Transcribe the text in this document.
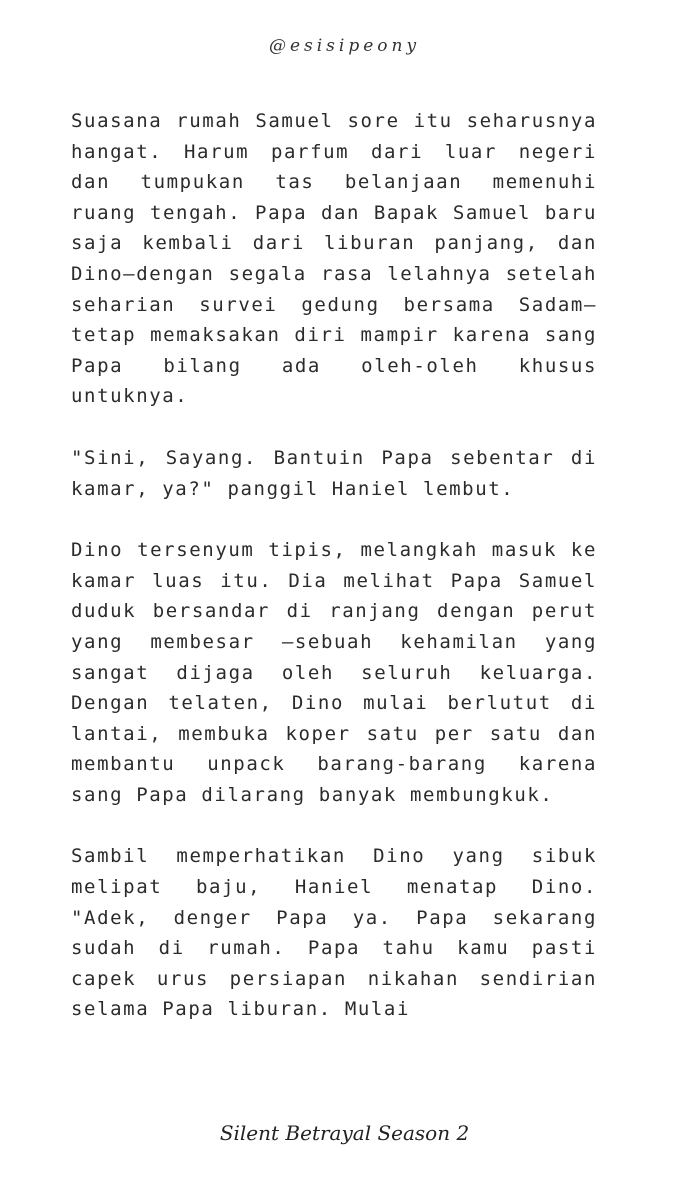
@esisipeony

Suasana rumah Samuel sore itu seharusnya hangat. Harum parfum dari luar negeri dan tumpukan tas belanjaan memenuhi ruang tengah. Papa dan Bapak Samuel baru saja kembali dari liburan panjang, dan Dino—dengan segala rasa lelahnya setelah seharian survei gedung bersama Sadam—tetap memaksakan diri mampir karena sang Papa bilang ada oleh-oleh khusus untuknya.

"Sini, Sayang. Bantuin Papa sebentar di kamar, ya?" panggil Haniel lembut.

Dino tersenyum tipis, melangkah masuk ke kamar luas itu. Dia melihat Papa Samuel duduk bersandar di ranjang dengan perut yang membesar —sebuah kehamilan yang sangat dijaga oleh seluruh keluarga. Dengan telaten, Dino mulai berlutut di lantai, membuka koper satu per satu dan membantu unpack barang-barang karena sang Papa dilarang banyak membungkuk.

Sambil memperhatikan Dino yang sibuk melipat baju, Haniel menatap Dino. "Adek, denger Papa ya. Papa sekarang sudah di rumah. Papa tahu kamu pasti capek urus persiapan nikahan sendirian selama Papa liburan. Mulai

Silent Betrayal Season 2
